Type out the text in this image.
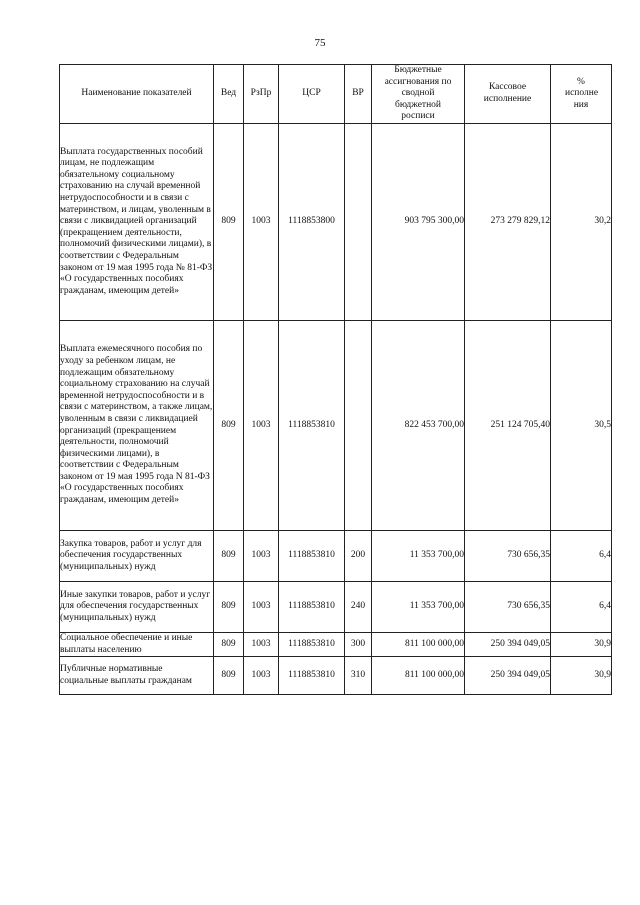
75
Наименование показателей	Вед	РзПр	ЦСР	ВР	Бюджетные ассигнования по сводной бюджетной росписи	Кассовое исполнение	% исполне ния
Выплата государственных пособий лицам, не подлежащим обязательному социальному страхованию на случай временной нетрудоспособности и в связи с материнством, и лицам, уволенным в связи с ликвидацией организаций (прекращением деятельности, полномочий физическими лицами), в соответствии с Федеральным законом от 19 мая 1995 года № 81-ФЗ «О государственных пособиях гражданам, имеющим детей»	809	1003	1118853800		903 795 300,00	273 279 829,12	30,2
Выплата ежемесячного пособия по уходу за ребенком лицам, не подлежащим обязательному социальному страхованию на случай временной нетрудоспособности и в связи с материнством, а также лицам, уволенным в связи с ликвидацией организаций (прекращением деятельности, полномочий физическими лицами), в соответствии с Федеральным законом от 19 мая 1995 года N 81-ФЗ «О государственных пособиях гражданам, имеющим детей»	809	1003	1118853810		822 453 700,00	251 124 705,40	30,5
Закупка товаров, работ и услуг для обеспечения государственных (муниципальных) нужд	809	1003	1118853810	200	11 353 700,00	730 656,35	6,4
Иные закупки товаров, работ и услуг для обеспечения государственных (муниципальных) нужд	809	1003	1118853810	240	11 353 700,00	730 656,35	6,4
Социальное обеспечение и иные выплаты населению	809	1003	1118853810	300	811 100 000,00	250 394 049,05	30,9
Публичные нормативные социальные выплаты гражданам	809	1003	1118853810	310	811 100 000,00	250 394 049,05	30,9
